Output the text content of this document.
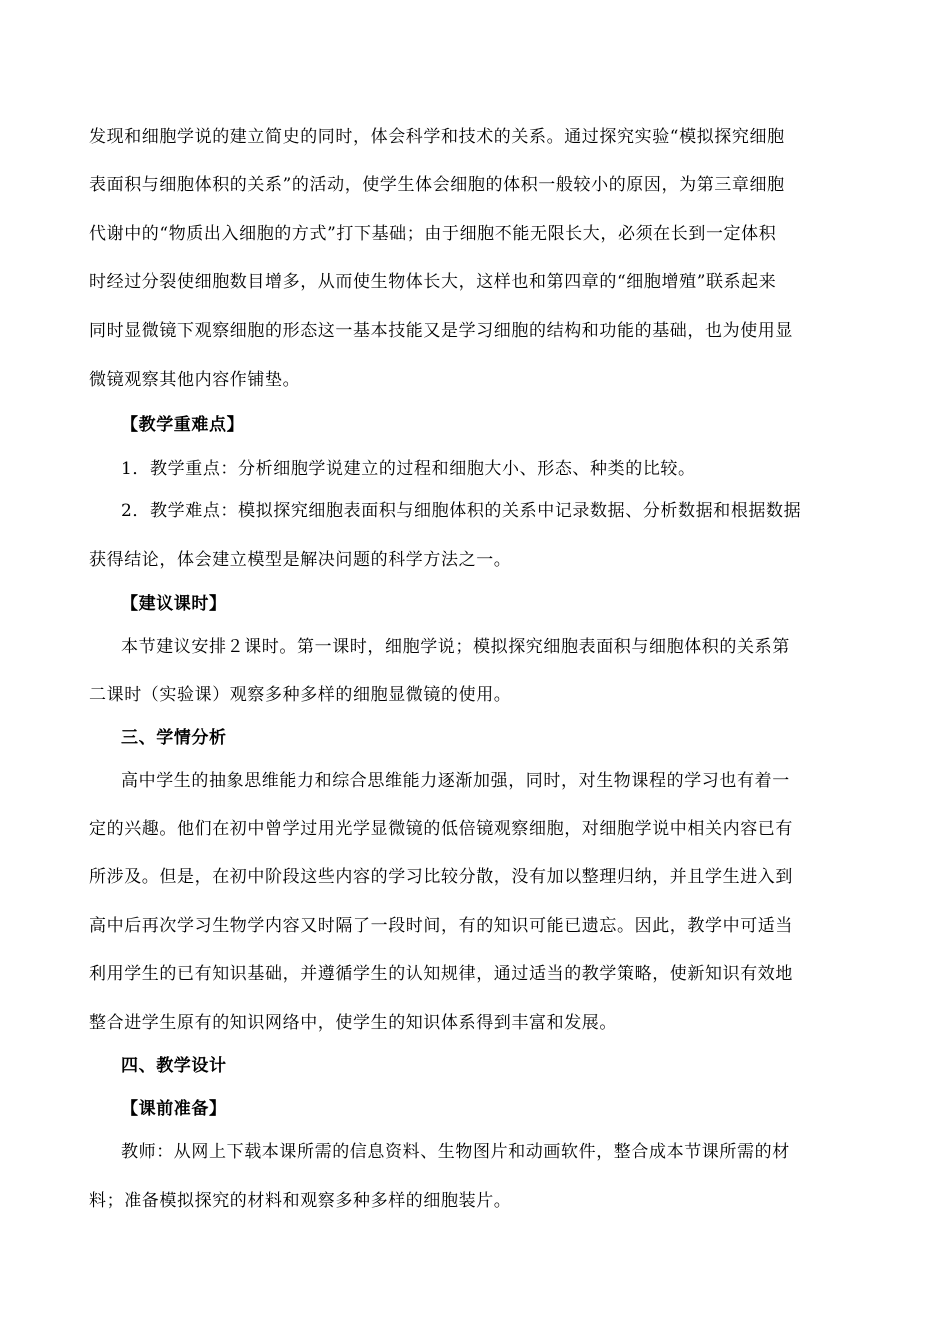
发现和细胞学说的建立简史的同时，体会科学和技术的关系。通过探究实验“模拟探究细胞
表面积与细胞体积的关系”的活动，使学生体会细胞的体积一般较小的原因，为第三章细胞
代谢中的“物质出入细胞的方式”打下基础；由于细胞不能无限长大，必须在长到一定体积
时经过分裂使细胞数目增多，从而使生物体长大，这样也和第四章的“细胞增殖”联系起来
同时显微镜下观察细胞的形态这一基本技能又是学习细胞的结构和功能的基础，也为使用显
微镜观察其他内容作铺垫。
【教学重难点】
1．教学重点：分析细胞学说建立的过程和细胞大小、形态、种类的比较。
2．教学难点：模拟探究细胞表面积与细胞体积的关系中记录数据、分析数据和根据数据
获得结论，体会建立模型是解决问题的科学方法之一。
【建议课时】
本节建议安排２课时。第一课时，细胞学说；模拟探究细胞表面积与细胞体积的关系第
二课时（实验课）观察多种多样的细胞显微镜的使用。
三、学情分析
高中学生的抽象思维能力和综合思维能力逐渐加强，同时，对生物课程的学习也有着一
定的兴趣。他们在初中曾学过用光学显微镜的低倍镜观察细胞，对细胞学说中相关内容已有
所涉及。但是，在初中阶段这些内容的学习比较分散，没有加以整理归纳，并且学生进入到
高中后再次学习生物学内容又时隔了一段时间，有的知识可能已遗忘。因此，教学中可适当
利用学生的已有知识基础，并遵循学生的认知规律，通过适当的教学策略，使新知识有效地
整合进学生原有的知识网络中，使学生的知识体系得到丰富和发展。
四、教学设计
【课前准备】
教师：从网上下载本课所需的信息资料、生物图片和动画软件，整合成本节课所需的材
料；准备模拟探究的材料和观察多种多样的细胞装片。
